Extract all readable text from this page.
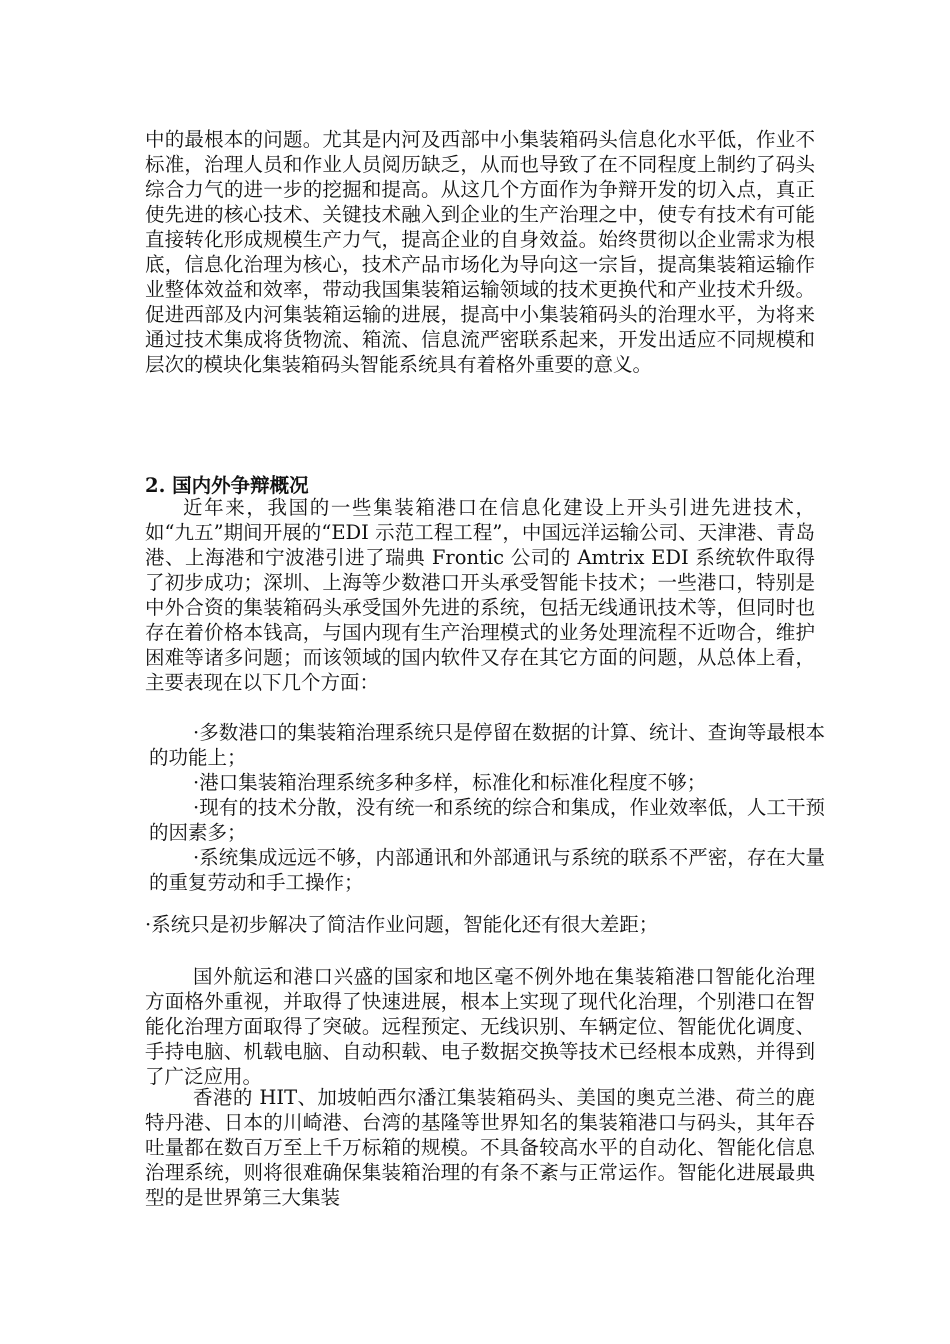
中的最根本的问题。尤其是内河及西部中小集装箱码头信息化水平低，作业不标准，治理人员和作业人员阅历缺乏，从而也导致了在不同程度上制约了码头综合力气的进一步的挖掘和提高。从这几个方面作为争辩开发的切入点，真正使先进的核心技术、关键技术融入到企业的生产治理之中，使专有技术有可能直接转化形成规模生产力气，提高企业的自身效益。始终贯彻以企业需求为根底，信息化治理为核心，技术产品市场化为导向这一宗旨，提高集装箱运输作业整体效益和效率，带动我国集装箱运输领域的技术更换代和产业技术升级。促进西部及内河集装箱运输的进展，提高中小集装箱码头的治理水平，为将来通过技术集成将货物流、箱流、信息流严密联系起来，开发出适应不同规模和层次的模块化集装箱码头智能系统具有着格外重要的意义。

2. 国内外争辩概况

近年来，我国的一些集装箱港口在信息化建设上开头引进先进技术，如“九五”期间开展的“EDI 示范工程工程”，中国远洋运输公司、天津港、青岛港、上海港和宁波港引进了瑞典 Frontic 公司的 Amtrix EDI 系统软件取得了初步成功；深圳、上海等少数港口开头承受智能卡技术；一些港口，特别是中外合资的集装箱码头承受国外先进的系统，包括无线通讯技术等，但同时也存在着价格本钱高，与国内现有生产治理模式的业务处理流程不近吻合，维护困难等诸多问题；而该领域的国内软件又存在其它方面的问题，从总体上看，主要表现在以下几个方面：

·多数港口的集装箱治理系统只是停留在数据的计算、统计、查询等最根本的功能上；
·港口集装箱治理系统多种多样，标准化和标准化程度不够；
·现有的技术分散，没有统一和系统的综合和集成，作业效率低，人工干预的因素多；
·系统集成远远不够，内部通讯和外部通讯与系统的联系不严密，存在大量的重复劳动和手工操作；

·系统只是初步解决了简洁作业问题，智能化还有很大差距；

国外航运和港口兴盛的国家和地区毫不例外地在集装箱港口智能化治理方面格外重视，并取得了快速进展，根本上实现了现代化治理，个别港口在智能化治理方面取得了突破。远程预定、无线识别、车辆定位、智能优化调度、手持电脑、机载电脑、自动积载、电子数据交换等技术已经根本成熟，并得到了广泛应用。

香港的 HIT、加坡帕西尔潘江集装箱码头、美国的奥克兰港、荷兰的鹿特丹港、日本的川崎港、台湾的基隆等世界知名的集装箱港口与码头，其年吞吐量都在数百万至上千万标箱的规模。不具备较高水平的自动化、智能化信息治理系统，则将很难确保集装箱治理的有条不紊与正常运作。智能化进展最典型的是世界第三大集装
